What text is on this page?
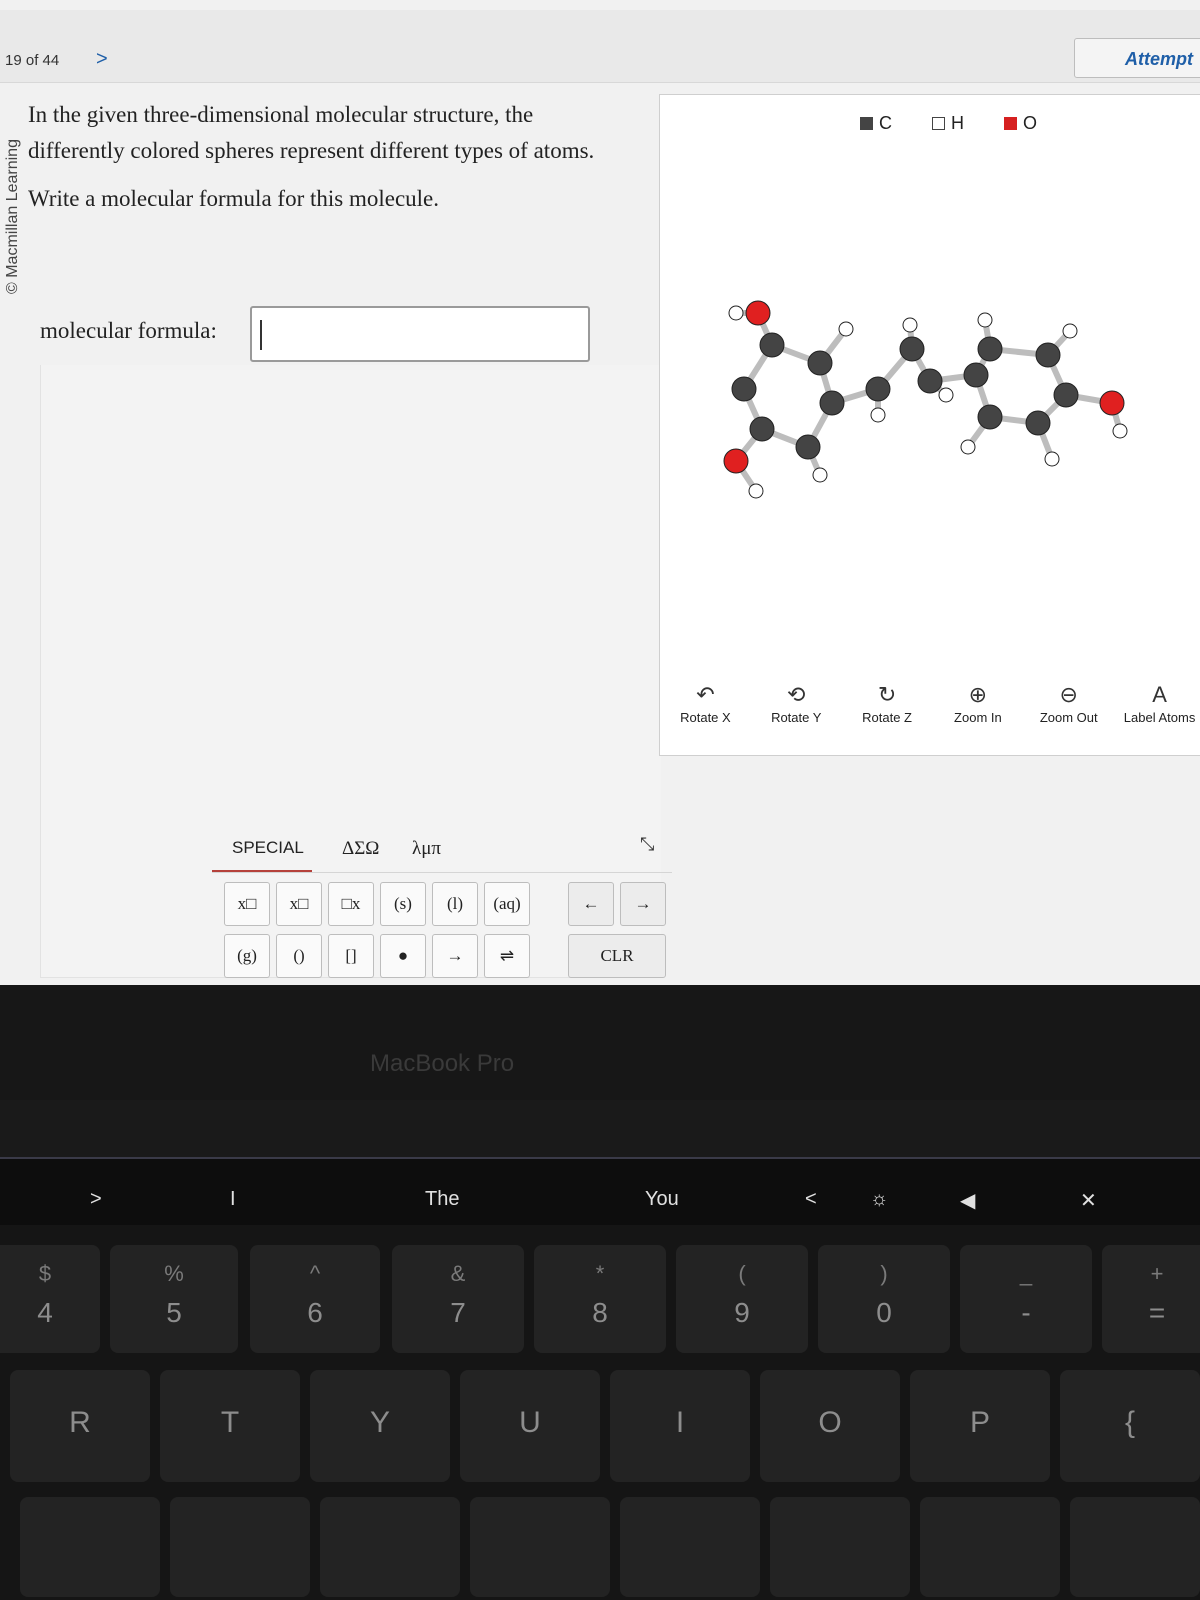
19 of 44 >	Attempt
© Macmillan Learning

In the given three-dimensional molecular structure, the differently colored spheres represent different types of atoms.

Write a molecular formula for this molecule.

molecular formula:
C	H	O
↶
Rotate X
⟲
Rotate Y
↻
Rotate Z
⊕
Zoom In
⊖
Zoom Out
A
Label Atoms
SPECIAL ΔΣΩ λμπ	⤡
x□	x□	□x	(s)	(l)	(aq)	←	→
(g)	()	[]	●	→	⇌	CLR
MacBook Pro
>	I	The	You	<	☼	◀	✕
$
4
%
5
^
6
&
7
*
8
(
9
)
0
_
-
+
=
R	T	Y	U	I	O	P	{
